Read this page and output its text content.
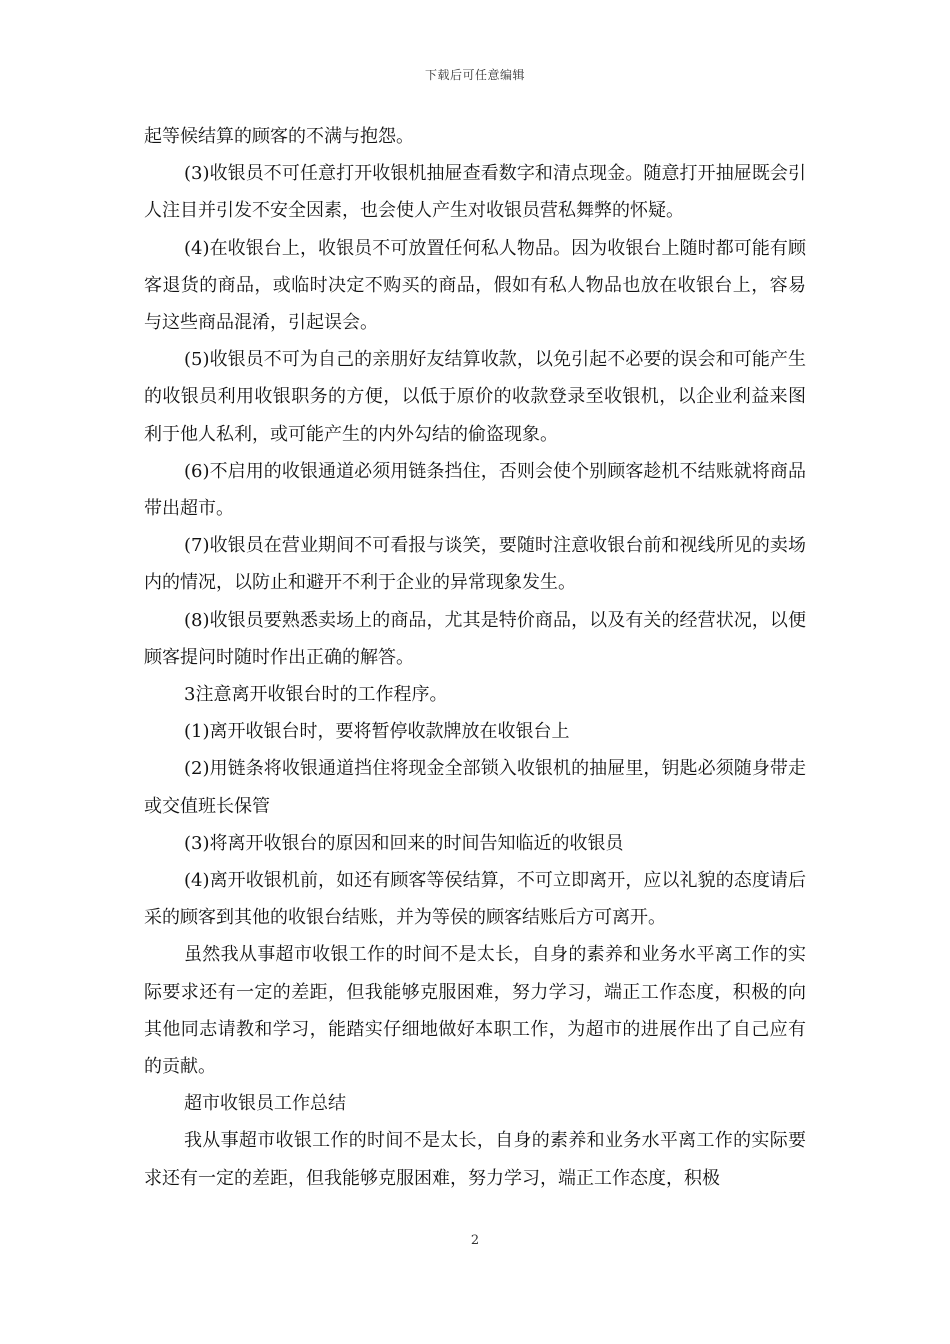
下载后可任意编辑

起等候结算的顾客的不满与抱怨。

(3)收银员不可任意打开收银机抽屉查看数字和清点现金。随意打开抽屉既会引人注目并引发不安全因素，也会使人产生对收银员营私舞弊的怀疑。

(4)在收银台上，收银员不可放置任何私人物品。因为收银台上随时都可能有顾客退货的商品，或临时决定不购买的商品，假如有私人物品也放在收银台上，容易与这些商品混淆，引起误会。

(5)收银员不可为自己的亲朋好友结算收款，以免引起不必要的误会和可能产生的收银员利用收银职务的方便，以低于原价的收款登录至收银机，以企业利益来图利于他人私利，或可能产生的内外勾结的偷盗现象。

(6)不启用的收银通道必须用链条挡住，否则会使个别顾客趁机不结账就将商品带出超市。

(7)收银员在营业期间不可看报与谈笑，要随时注意收银台前和视线所见的卖场内的情况，以防止和避开不利于企业的异常现象发生。

(8)收银员要熟悉卖场上的商品，尤其是特价商品，以及有关的经营状况，以便顾客提问时随时作出正确的解答。

3注意离开收银台时的工作程序。

(1)离开收银台时，要将暂停收款牌放在收银台上

(2)用链条将收银通道挡住将现金全部锁入收银机的抽屉里，钥匙必须随身带走或交值班长保管

(3)将离开收银台的原因和回来的时间告知临近的收银员

(4)离开收银机前，如还有顾客等侯结算，不可立即离开，应以礼貌的态度请后采的顾客到其他的收银台结账，并为等侯的顾客结账后方可离开。

虽然我从事超市收银工作的时间不是太长，自身的素养和业务水平离工作的实际要求还有一定的差距，但我能够克服困难，努力学习，端正工作态度，积极的向其他同志请教和学习，能踏实仔细地做好本职工作，为超市的进展作出了自己应有的贡献。

超市收银员工作总结

我从事超市收银工作的时间不是太长，自身的素养和业务水平离工作的实际要求还有一定的差距，但我能够克服困难，努力学习，端正工作态度，积极

2
